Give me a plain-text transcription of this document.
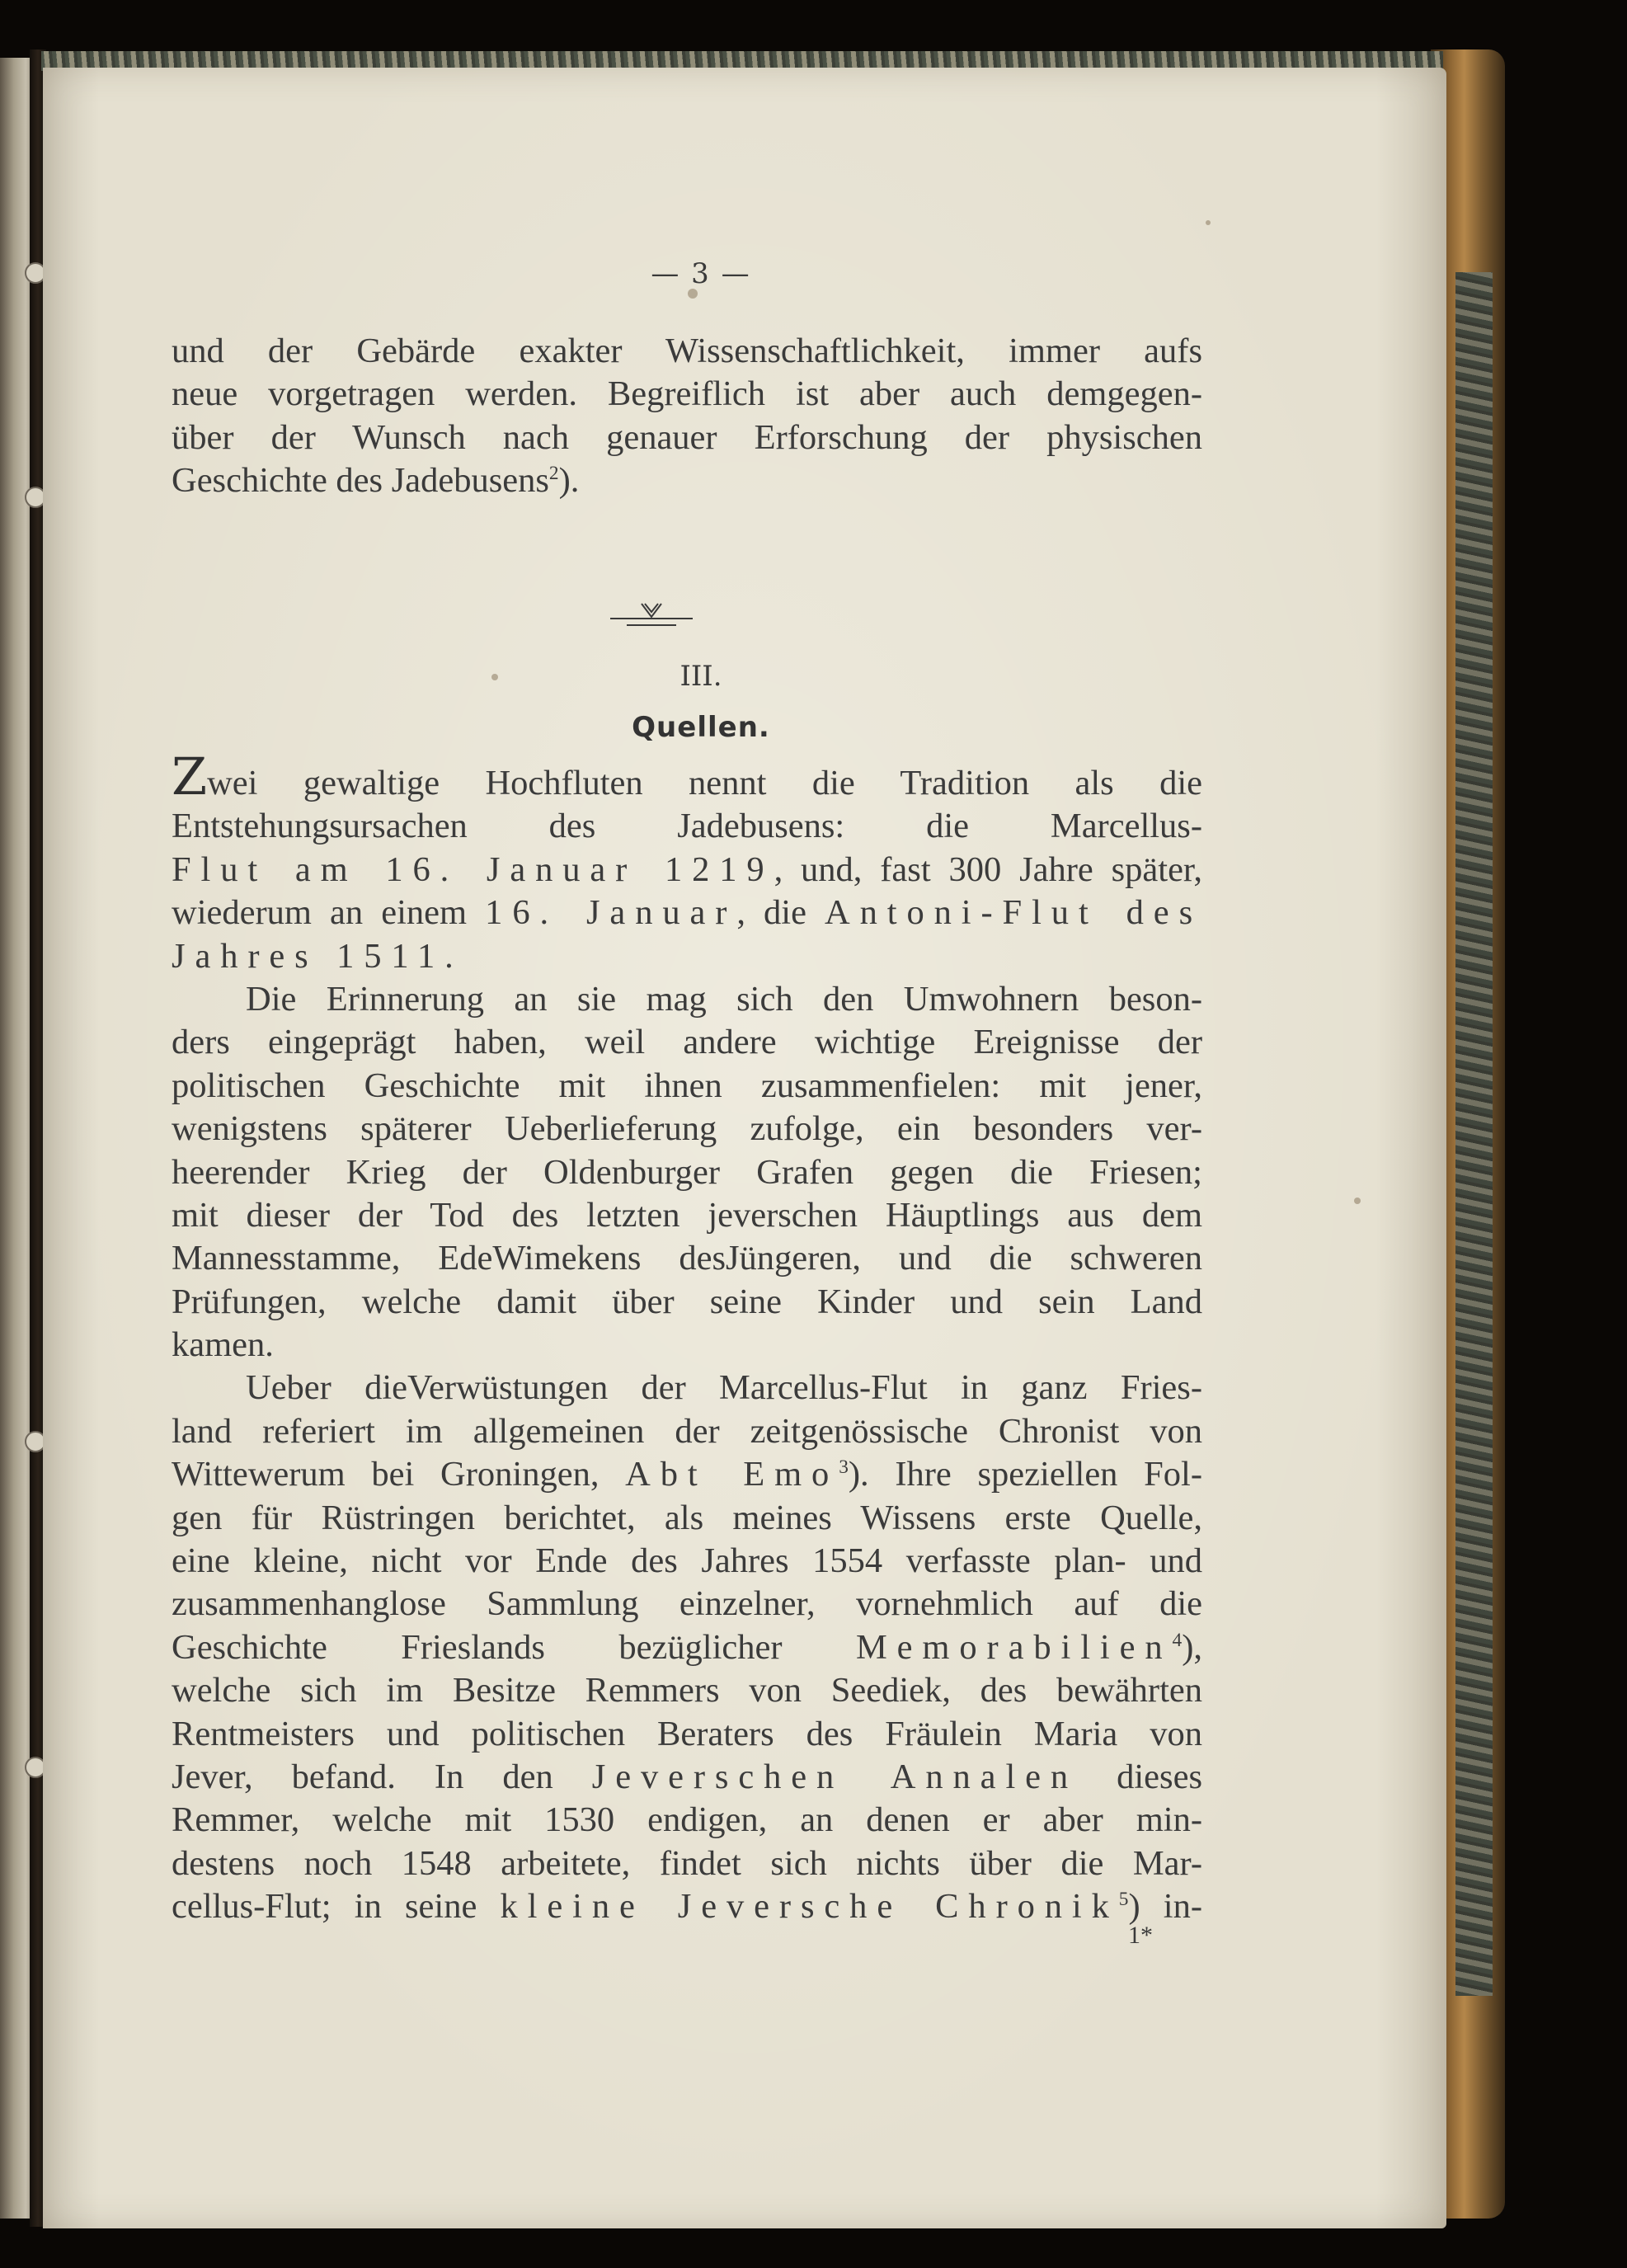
— 3 —
und der Gebärde exakter Wissenschaftlichkeit, immer aufs
neue vorgetragen werden. Begreiflich ist aber auch demgegen-
über der Wunsch nach genauer Erforschung der physischen
Geschichte des Jadebusens$^2$).
III.
Quellen.
Zwei gewaltige Hochfluten nennt die Tradition als die
Entstehungsursachen des Jadebusens: die Marcellus-
Flut am 16. Januar 1219, und, fast 300 Jahre später,
wiederum an einem 16. Januar, die Antoni-Flut des
Jahres 1511.
Die Erinnerung an sie mag sich den Umwohnern beson-
ders eingeprägt haben, weil andere wichtige Ereignisse der
politischen Geschichte mit ihnen zusammenfielen: mit jener,
wenigstens späterer Ueberlieferung zufolge, ein besonders ver-
heerender Krieg der Oldenburger Grafen gegen die Friesen;
mit dieser der Tod des letzten jeverschen Häuptlings aus dem
Mannesstamme, EdeWimekens desJüngeren, und die schweren
Prüfungen, welche damit über seine Kinder und sein Land
kamen.
Ueber dieVerwüstungen der Marcellus-Flut in ganz Fries-
land referiert im allgemeinen der zeitgenössische Chronist von
Wittewerum bei Groningen, Abt Emo$^3$). Ihre speziellen Fol-
gen für Rüstringen berichtet, als meines Wissens erste Quelle,
eine kleine, nicht vor Ende des Jahres 1554 verfasste plan- und
zusammenhanglose Sammlung einzelner, vornehmlich auf die
Geschichte Frieslands bezüglicher Memorabilien$^4$),
welche sich im Besitze Remmers von Seediek, des bewährten
Rentmeisters und politischen Beraters des Fräulein Maria von
Jever, befand. In den Jeverschen Annalen dieses
Remmer, welche mit 1530 endigen, an denen er aber min-
destens noch 1548 arbeitete, findet sich nichts über die Mar-
cellus-Flut; in seine kleine Jeversche Chronik$^5$) in-
1*
